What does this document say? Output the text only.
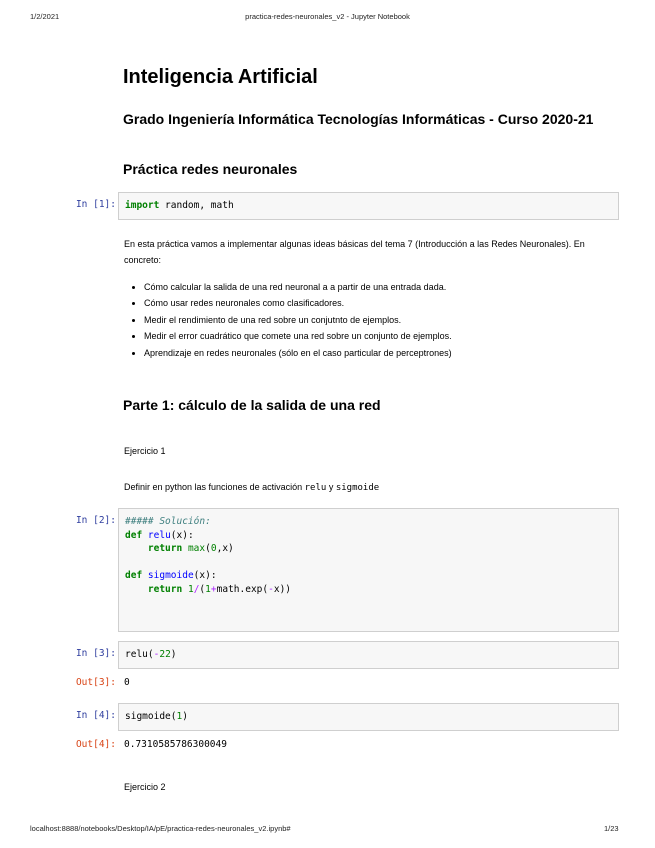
1/2/2021	practica-redes-neuronales_v2 - Jupyter Notebook
Inteligencia Artificial
Grado Ingeniería Informática Tecnologías Informáticas - Curso 2020-21
Práctica redes neuronales
In [1]: import random, math
En esta práctica vamos a implementar algunas ideas básicas del tema 7 (Introducción a las Redes Neuronales). En concreto:
• Cómo calcular la salida de una red neuronal a a partir de una entrada dada.
• Cómo usar redes neuronales como clasificadores.
• Medir el rendimiento de una red sobre un conjutnto de ejemplos.
• Medir el error cuadrático que comete una red sobre un conjunto de ejemplos.
• Aprendizaje en redes neuronales (sólo en el caso particular de perceptrones)
Parte 1: cálculo de la salida de una red
Ejercicio 1
Definir en python las funciones de activación relu y sigmoide
In [2]: ##### Solución:
def relu(x):
return max(0,x)

def sigmoide(x):
return 1/(1+math.exp(-x))
In [3]: relu(-22)
Out[3]: 0
In [4]: sigmoide(1)
Out[4]: 0.7310585786300049
Ejercicio 2
localhost:8888/notebooks/Desktop/IA/pE/practica-redes-neuronales_v2.ipynb#	1/23
